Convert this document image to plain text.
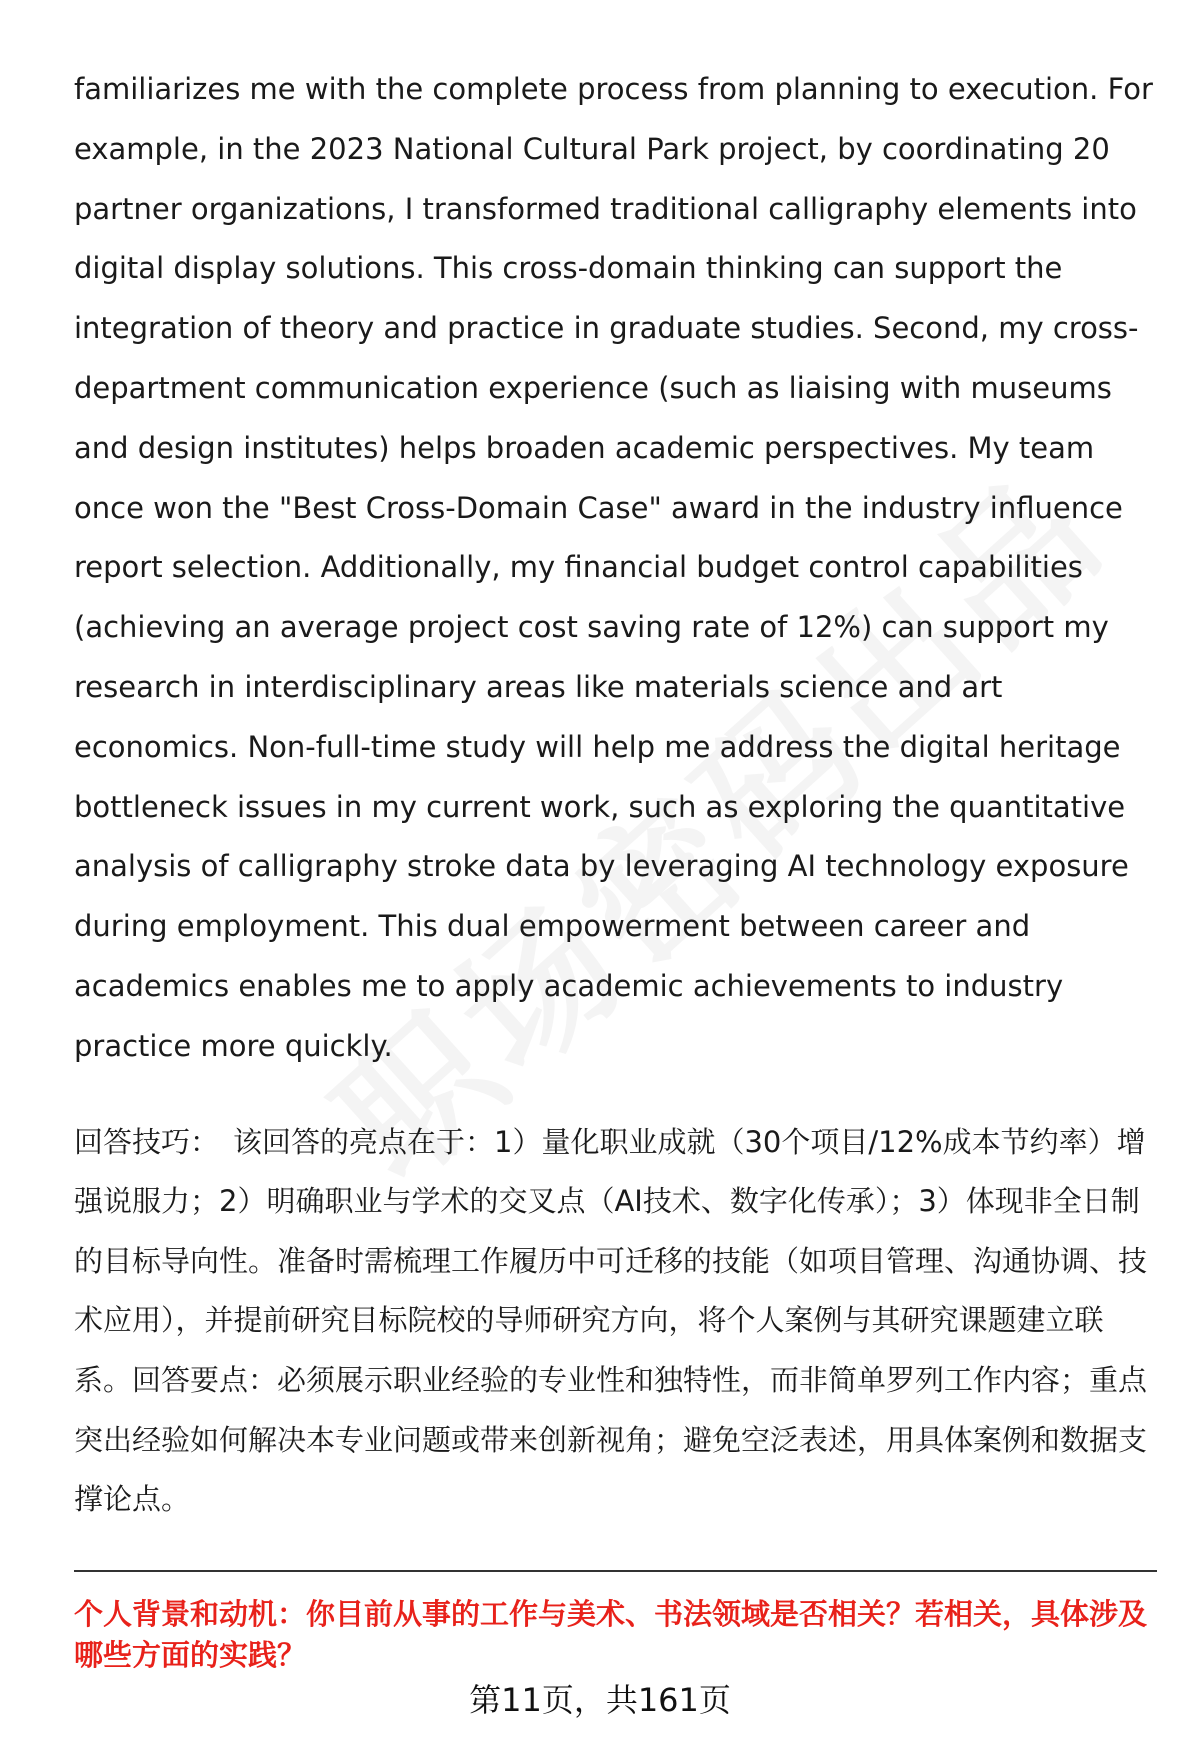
familiarizes me with the complete process from planning to execution. For example, in the 2023 National Cultural Park project, by coordinating 20 partner organizations, I transformed traditional calligraphy elements into digital display solutions. This cross-domain thinking can support the integration of theory and practice in graduate studies. Second, my cross-department communication experience (such as liaising with museums and design institutes) helps broaden academic perspectives. My team once won the "Best Cross-Domain Case" award in the industry influence report selection. Additionally, my financial budget control capabilities (achieving an average project cost saving rate of 12%) can support my research in interdisciplinary areas like materials science and art economics. Non-full-time study will help me address the digital heritage bottleneck issues in my current work, such as exploring the quantitative analysis of calligraphy stroke data by leveraging AI technology exposure during employment. This dual empowerment between career and academics enables me to apply academic achievements to industry practice more quickly.

回答技巧： 该回答的亮点在于：1）量化职业成就（30个项目/12%成本节约率）增强说服力；2）明确职业与学术的交叉点（AI技术、数字化传承）；3）体现非全日制的目标导向性。准备时需梳理工作履历中可迁移的技能（如项目管理、沟通协调、技术应用），并提前研究目标院校的导师研究方向，将个人案例与其研究课题建立联系。回答要点：必须展示职业经验的专业性和独特性，而非简单罗列工作内容；重点突出经验如何解决本专业问题或带来创新视角；避免空泛表述，用具体案例和数据支撑论点。

个人背景和动机：你目前从事的工作与美术、书法领域是否相关？若相关，具体涉及哪些方面的实践？

第11页，共161页
